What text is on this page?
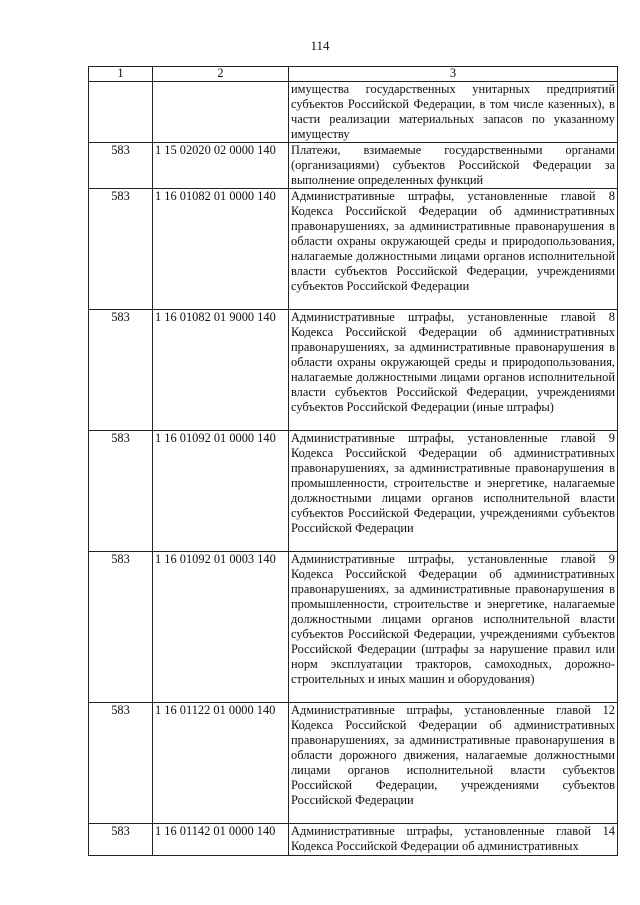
114
1	2	3
		имущества государственных унитарных предприятий субъектов Российской Федерации, в том числе казенных), в части реализации материальных запасов по указанному имуществу
583	1 15 02020 02 0000 140	Платежи, взимаемые государственными органами (организациями) субъектов Российской Федерации за выполнение определенных функций
583	1 16 01082 01 0000 140	Административные штрафы, установленные главой 8 Кодекса Российской Федерации об административных правонарушениях, за административные правонарушения в области охраны окружающей среды и природопользования, налагаемые должностными лицами органов исполнительной власти субъектов Российской Федерации, учреждениями субъектов Российской Федерации
583	1 16 01082 01 9000 140	Административные штрафы, установленные главой 8 Кодекса Российской Федерации об административных правонарушениях, за административные правонарушения в области охраны окружающей среды и природопользования, налагаемые должностными лицами органов исполнительной власти субъектов Российской Федерации, учреждениями субъектов Российской Федерации (иные штрафы)
583	1 16 01092 01 0000 140	Административные штрафы, установленные главой 9 Кодекса Российской Федерации об административных правонарушениях, за административные правонарушения в промышленности, строительстве и энергетике, налагаемые должностными лицами органов исполнительной власти субъектов Российской Федерации, учреждениями субъектов Российской Федерации
583	1 16 01092 01 0003 140	Административные штрафы, установленные главой 9 Кодекса Российской Федерации об административных правонарушениях, за административные правонарушения в промышленности, строительстве и энергетике, налагаемые должностными лицами органов исполнительной власти субъектов Российской Федерации, учреждениями субъектов Российской Федерации (штрафы за нарушение правил или норм эксплуатации тракторов, самоходных, дорожно-строительных и иных машин и оборудования)
583	1 16 01122 01 0000 140	Административные штрафы, установленные главой 12 Кодекса Российской Федерации об административных правонарушениях, за административные правонарушения в области дорожного движения, налагаемые должностными лицами органов исполнительной власти субъектов Российской Федерации, учреждениями субъектов Российской Федерации
583	1 16 01142 01 0000 140	Административные штрафы, установленные главой 14 Кодекса Российской Федерации об административных
